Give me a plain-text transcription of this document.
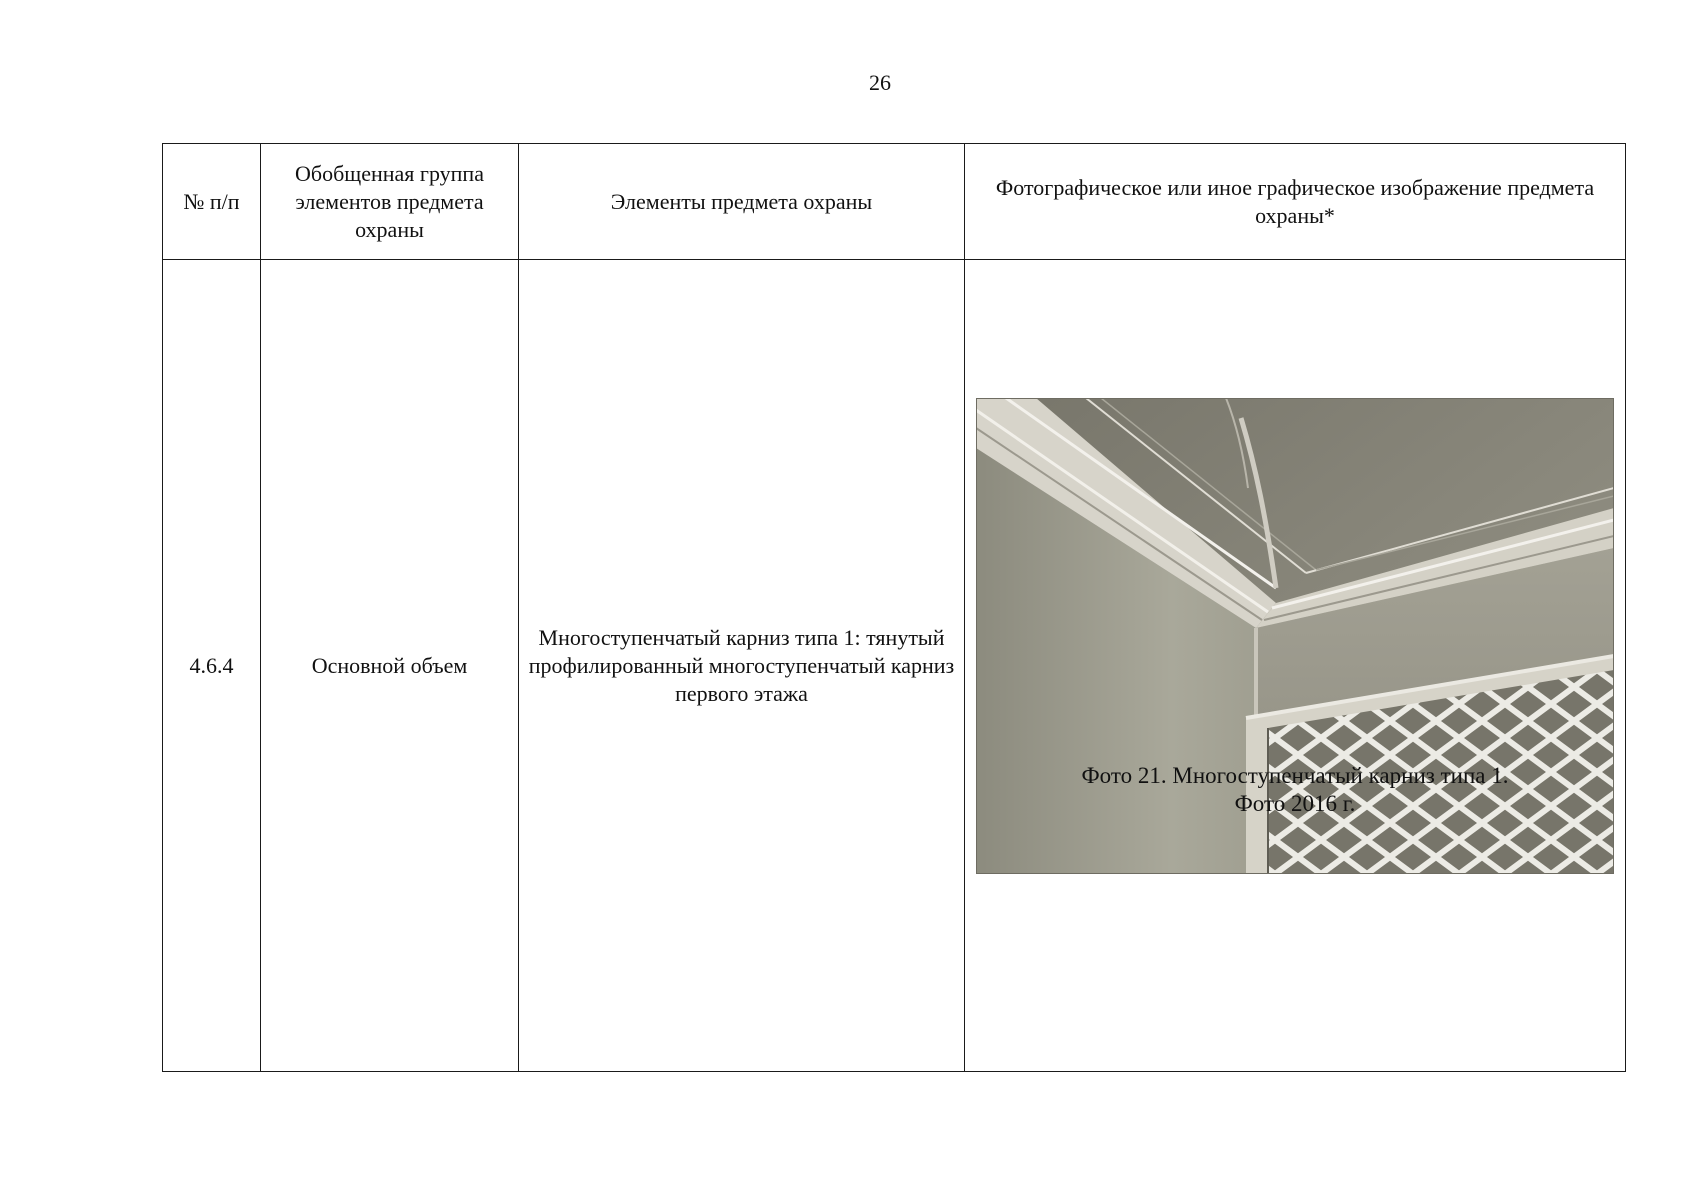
26
№ п/п	Обобщенная группа элементов предмета охраны	Элементы предмета охраны	Фотографическое или иное графическое изображение предмета охраны*
4.6.4	Основной объем	Многоступенчатый карниз типа 1: тянутый профилированный многоступенчатый карниз первого этажа	Фото 21. Многоступенчатый карниз типа 1.
Фото 2016 г.
